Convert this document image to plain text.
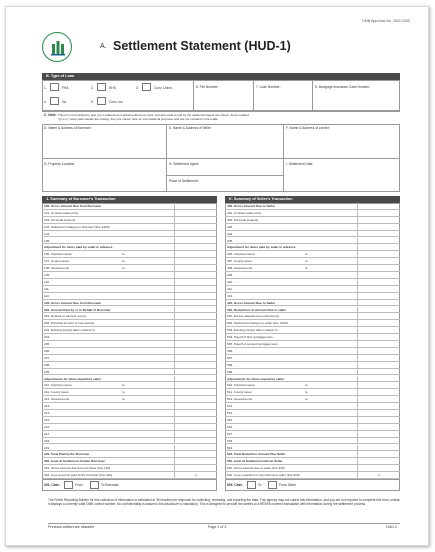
OMB Approval No. 2502-0265
A. Settlement Statement (HUD-1)
B. Type of Loan
1.	FHA	2.	RHS	3.	Conv. Unins.
4.	VA	5.	Conv. Ins.
6. File Number:	7. Loan Number:	8. Mortgage Insurance Case Number:
C. Note: This form is furnished to give you a statement of actual settlement costs. Amounts paid to and by the settlement agent are shown. Items marked
"(p.o.c.)" were paid outside the closing; they are shown here for informational purposes and are not included in the totals.
D. Name & Address of Borrower:	E. Name & Address of Seller:	F. Name & Address of Lender:
G. Property Location:	H. Settlement Agent:
Place of Settlement:
I. Settlement Date:
J. Summary of Borrower's Transaction	K. Summary of Seller's Transaction
100. Gross Amount Due from Borrower
101. Contract sales price
102. Personal property
103. Settlement charges to borrower (line 1400)
104.
105.
Adjustment for items paid by seller in advance
106. City/town taxes	to
107. County taxes	to
108. Assessments	to
109.
110.
111.
112.
120. Gross Amount Due from Borrower
200. Amount Paid by or in Behalf of Borrower
201. Deposit or earnest money
202. Principal amount of new loan(s)
203. Existing loan(s) taken subject to
204.
205.
206.
207.
208.
209.
Adjustments for items unpaid by seller
210. City/town taxes	to
211. County taxes	to
212. Assessments	to
213.
214.
215.
216.
217.
218.
219.
220. Total Paid by/for Borrower
300. Cash at Settlement from/to Borrower
301. Gross amount due from borrower (line 120)
302. Less amounts paid by/for borrower (line 220)	( )
400. Gross Amount Due to Seller
401. Contract sales price
402. Personal property
403.
404.
405.
Adjustment for items paid by seller in advance
406. City/town taxes	to
407. County taxes	to
408. Assessments	to
409.
410.
411.
412.
420. Gross Amount Due to Seller
500. Reductions In Amount Due to seller
501. Excess deposit (see instructions)
502. Settlement charges to seller (line 1400)
503. Existing loan(s) taken subject to
504. Payoff of first mortgage loan
505. Payoff of second mortgage loan
506.
507.
508.
509.
Adjustments for items unpaid by seller
510. City/town taxes	to
511. County taxes	to
512. Assessments	to
513.
514.
515.
516.
517.
518.
519.
520. Total Reduction Amount Due Seller
600. Cash at Settlement to/from Seller
601. Gross amount due to seller (line 420)
602. Less reductions in amounts due seller (line 520)	( )
303. Cash	From	To Borrower	603. Cash	To	From Seller
The Public Reporting Burden for this collection of information is estimated at 35 minutes per response for collecting, reviewing, and reporting the data. This agency may not collect this information, and you are not required to complete this form, unless it displays a currently valid OMB control number. No confidentiality is assured; this disclosure is mandatory. This is designed to provide the parties to a RESPA covered transaction with information during the settlement process.
Previous edition are obsolete	Page 1 of 3	HUD-1
